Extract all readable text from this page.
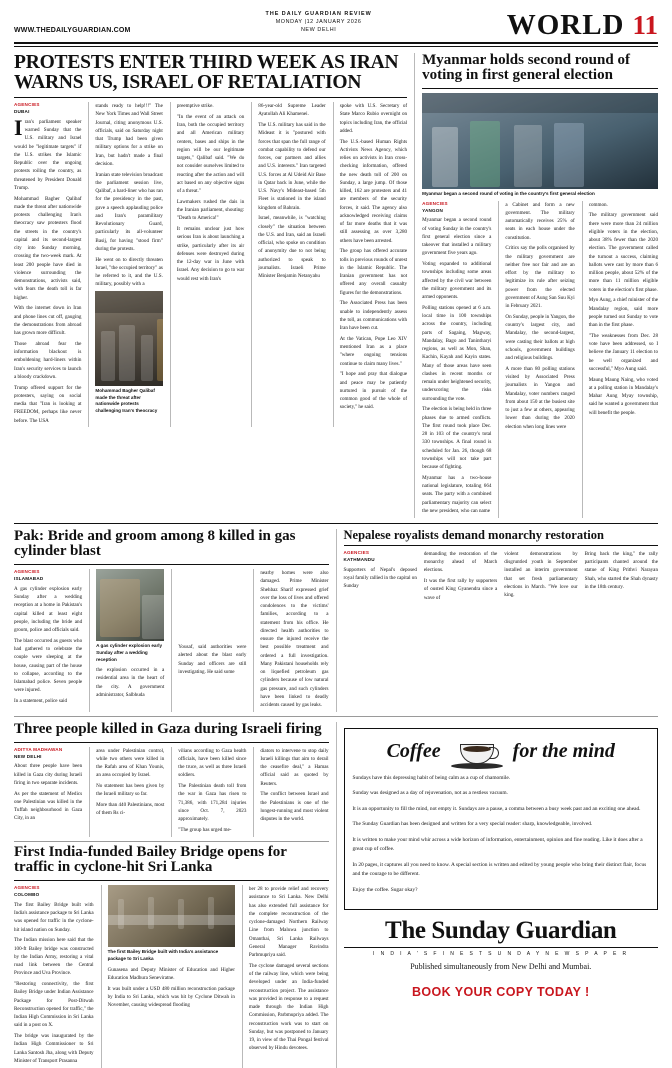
WWW.THEDAILYGUARDIAN.COM
THE DAILY GUARDIAN REVIEW
MONDAY |12 JANUARY 2026
NEW DELHI	WORLD 11
PROTESTS ENTER THIRD WEEK AS IRAN WARNS US, ISRAEL OF RETALIATION
AGENCIES
DUBAI

Iran's parliament speaker warned Sunday that the U.S. military and Israel would be "legitimate targets" if the U.S. strikes the Islamic Republic over the ongoing protests roiling the country, as threatened by President Donald Trump.

Mohammad Bagher Qalibaf made the threat after nationwide protests challenging Iran's theocracy saw protesters flood the streets in the country's capital and its second-largest city into Sunday morning, crossing the two-week mark. At least 200 people have died in violence surrounding the demonstrations, activists said, with fears the death toll is far higher.

With the internet down in Iran and phone lines cut off, gauging the demonstrations from abroad has grown more difficult.

Those abroad fear the information blackout is emboldening hard-liners within Iran's security services to launch a bloody crackdown.

Trump offered support for the protesters, saying on social media that "Iran is looking at FREEDOM, perhaps like never before. The USA

stands ready to help!!!" The New York Times and Wall Street Journal, citing anonymous U.S. officials, said on Saturday night that Trump had been given military options for a strike on Iran, but hadn't made a final decision.

Iranian state television broadcast the parliament session live, Qalibaf, a hard-liner who has ran for the presidency in the past, gave a speech applauding police and Iran's paramilitary Revolutionary Guard, particularly its all-volunteer Basij, for having "stood firm" during the protests.

He went on to directly threaten Israel, "the occupied territory" as he referred to it, and the U.S. military, possibly with a

Mohammad Bagher Qalibaf made the threat after nationwide protests challenging Iran's theocracy

preemptive strike.

"In the event of an attack on Iran, both the occupied territory and all American military centers, bases and ships in the region will be our legitimate targets," Qalibaf said. "We do not consider ourselves limited to reacting after the action and will act based on any objective signs of a threat."

Lawmakers rushed the dais in the Iranian parliament, shouting: "Death to America!"

It remains unclear just how serious Iran is about launching a strike, particularly after its air defenses were destroyed during the 12-day war in June with Israel. Any decision to go to war would rest with Iran's

86-year-old Supreme Leader Ayatollah Ali Khamenei.

The U.S. military has said in the Mideast it is "postured with forces that span the full range of combat capability to defend our forces, our partners and allies and U.S. interests." Iran targeted U.S. forces at Al Udeid Air Base in Qatar back in June, while the U.S. Navy's Mideast-based 5th Fleet is stationed in the island kingdom of Bahrain.

Israel, meanwhile, is "watching closely" the situation between the U.S. and Iran, said an Israeli official, who spoke on condition of anonymity due to not being authorized to speak to journalists. Israeli Prime Minister Benjamin Netanyahu

spoke with U.S. Secretary of State Marco Rubio overnight on topics including Iran, the official added.

The U.S.-based Human Rights Activists News Agency, which relies on activists in Iran cross-checking information, offered the new death toll of 200 on Sunday, a large jump. Of those killed, 162 are protesters and 41 are members of the security forces, it said. The agency also acknowledged receiving claims of far more deaths that it was still assessing as over 3,280 others have been arrested.

The group has offered accurate tolls in previous rounds of unrest in the Islamic Republic. The Iranian government has not offered any overall casualty figures for the demonstrations.

The Associated Press has been unable to independently assess the toll, as communications with Iran have been cut.

At the Vatican, Pope Leo XIV mentioned Iran as a place "where ongoing tensions continue to claim many lives."

"I hope and pray that dialogue and peace may be patiently nurtured in pursuit of the common good of the whole of society," he said.

Myanmar holds second round of voting in first general election
Myanmar began a second round of voting in the country's first general election
AGENCIES
YANGON

Myanmar began a second round of voting Sunday in the country's first general election since a takeover that installed a military government five years ago.

Voting expanded to additional townships including some areas affected by the civil war between the military government and its armed opponents.

Polling stations opened at 6 a.m. local time in 100 townships across the country, including parts of Sagaing, Magway, Mandalay, Bago and Tanintharyi regions, as well as Mon, Shan, Kachin, Kayah and Kayin states. Many of those areas have seen clashes in recent months or remain under heightened security, underscoring the risks surrounding the vote.

The election is being held in three phases due to armed conflicts. The first round took place Dec. 28 in 103 of the country's total 330 townships. A final round is scheduled for Jan. 26, though 68 townships will not take part because of fighting.

Myanmar has a two-house national legislature, totaling 664 seats. The party with a combined parliamentary majority can select the new president, who can name

a Cabinet and form a new government. The military automatically receives 25% of seats in each house under the constitution.

Critics say the polls organised by the military government are neither free nor fair and are an effort by the military to legitimize its rule after seizing power from the elected government of Aung San Suu Kyi in February 2021.

On Sunday, people in Yangon, the country's largest city, and Mandalay, the second-largest, were casting their ballots at high schools, government buildings and religious buildings.

A more than 80 polling stations visited by Associated Press journalists in Yangon and Mandalay, voter numbers ranged from about 150 at the busiest site to just a few at others, appearing lower than during the 2020 election when long lines were

common.

The military government said there were more than 24 million eligible voters in the election, about 38% fewer than the 2020 election. The government called the turnout a success, claiming ballots were cast by more than 6 million people, about 52% of the more than 11 million eligible voters in the election's first phase.

Myo Aung, a chief minister of the Mandalay region, said more people turned out Sunday to vote than in the first phase.

"The weaknesses from Dec. 28 vote have been addressed, so I believe the January 11 election to be well organized and successful," Myo Aung said.

Maung Maung Naing, who voted at a polling station in Mandalay's Mahar Aung Myay township, said he wanted a government that will benefit the people.

Pak: Bride and groom among 8 killed in gas cylinder blast
AGENCIES
ISLAMABAD

A gas cylinder explosion early Sunday after a wedding reception at a home in Pakistan's capital killed at least eight people, including the bride and groom, police and officials said.

The blast occurred as guests who had gathered to celebrate the couple were sleeping at the house, causing part of the house to collapse, according to the Islamabad police. Seven people were injured.

In a statement, police said

A gas cylinder explosion early Sunday after a wedding reception

the explosion occurred in a residential area in the heart of the city. A government administrator, Salbhuda

Yousaf, said authorities were alerted about the blast early Sunday and officers are still investigating. He said some

nearby homes were also damaged. Prime Minister Shehbaz Sharif expressed grief over the loss of lives and offered condolences to the victims' families, according to a statement from his office. He directed health authorities to ensure the injured receive the best possible treatment and ordered a full investigation. Many Pakistani households rely on liquefied petroleum gas cylinders because of low natural gas pressure, and such cylinders have been linked to deadly accidents caused by gas leaks.

Nepalese royalists demand monarchy restoration
AGENCIES
KATHMANDU

Supporters of Nepal's deposed royal family rallied in the capital on Sunday

demanding the restoration of the monarchy ahead of March elections.

It was the first rally by supporters of ousted King Gyanendra since a wave of

violent demonstrations by disgruntled youth in September installed an interim government that set fresh parliamentary elections in March. "We love our king.

Bring back the king," the rally participants chanted around the statue of King Prithvi Narayan Shah, who started the Shah dynasty in the 18th century.

Three people killed in Gaza during Israeli firing
ADITYA MADHAWAN
NEW DELHI

About three people have been killed in Gaza city during Israeli firing in two separate incidents.

As per the statement of Medics one Palestinian was killed in the Tuffah neighbourhood in Gaza City, in an

area under Palestinian control, while two others were killed in the Rafah area of Khan Younis, an area occupied by Israel.

No statement has been given by the Israeli military so far.

More than 440 Palestinians, most of them Rs ci-

vilians according to Gaza health officials, have been killed since the truce, as well as three Israeli soldiers.

The Palestinian death toll from the war in Gaza has risen to 71,386, with 171,284 injuries since Oct. 7, 2023 approximately.

"The group has urged me-

diators to intervene to stop daily Israeli killings that aim to derail the ceasefire deal," a Hamas official said as quoted by Reuters.

The conflict between Israel and the Palestinians is one of the longest-running and most violent disputes in the world.

First India-funded Bailey Bridge opens for traffic in cyclone-hit Sri Lanka
AGENCIES
COLOMBO

The first Bailey Bridge built with India's assistance package to Sri Lanka was opened for traffic in the cyclone-hit island nation on Sunday.

The Indian mission here said that the 100-ft Bailey bridge was constructed by the Indian Army, restoring a vital road link between the Central Province and Uva Province.

"Restoring connectivity, the first Bailey Bridge under Indian Assistance Package for Post-Ditwah Reconstruction opened for traffic," the Indian High Commission in Sri Lanka said in a post on X.

The bridge was inaugurated by the Indian High Commissioner to Sri Lanka Santosh Jha, along with Deputy Minister of Transport Prasanna

The first Bailey Bridge built with India's assistance package to Sri Lanka

Gunasena and Deputy Minister of Education and Higher Education Madhura Seneviratne.

It was built under a USD 480 million reconstruction package by India to Sri Lanka, which was hit by Cyclone Ditwah in November, causing widespread flooding

ber 28 to provide relief and recovery assistance to Sri Lanka. New Delhi has also extended full assistance for the complete reconstruction of the cyclone-damaged Northern Railway Line from Maluwa junction to Omanthai, Sri Lanka Railways General Manager Ravindra Parbmupriya said.

The cyclone damaged several sections of the railway line, which were being developed under an India-funded reconstruction project. The assistance was provided in response to a request made through the Indian High Commission, Parbmupriya added. The reconstruction work was to start on Sunday, but was postponed to January 19, in view of the Thai Pongal festival observed by Hindu devotees.

Coffee	for the mind

Sundays have this depressing habit of being calm as a cup of chamomile.

Sunday was designed as a day of rejuvenation, not as a restless vacuum.

It is an opportunity to fill the mind, not empty it. Sundays are a pause, a comma between a busy week past and an exciting one ahead.

The Sunday Guardian has been designed and written for a very special reader: sharp, knowledgeable, involved.

It is written to make your mind whir across a wide horizon of information, entertainment, opinion and fine reading. Like it does after a great cup of coffee.

In 20 pages, it captures all you need to know. A special section is written and edited by young people who bring their distinct flair, focus and the courage to be different.

Enjoy the coffee. Sugar okay?

The Sunday Guardian
I N D I A ' S F I N E S T S U N D A Y N E W S P A P E R
Published simultaneously from New Delhi and Mumbai.
BOOK YOUR COPY TODAY !
